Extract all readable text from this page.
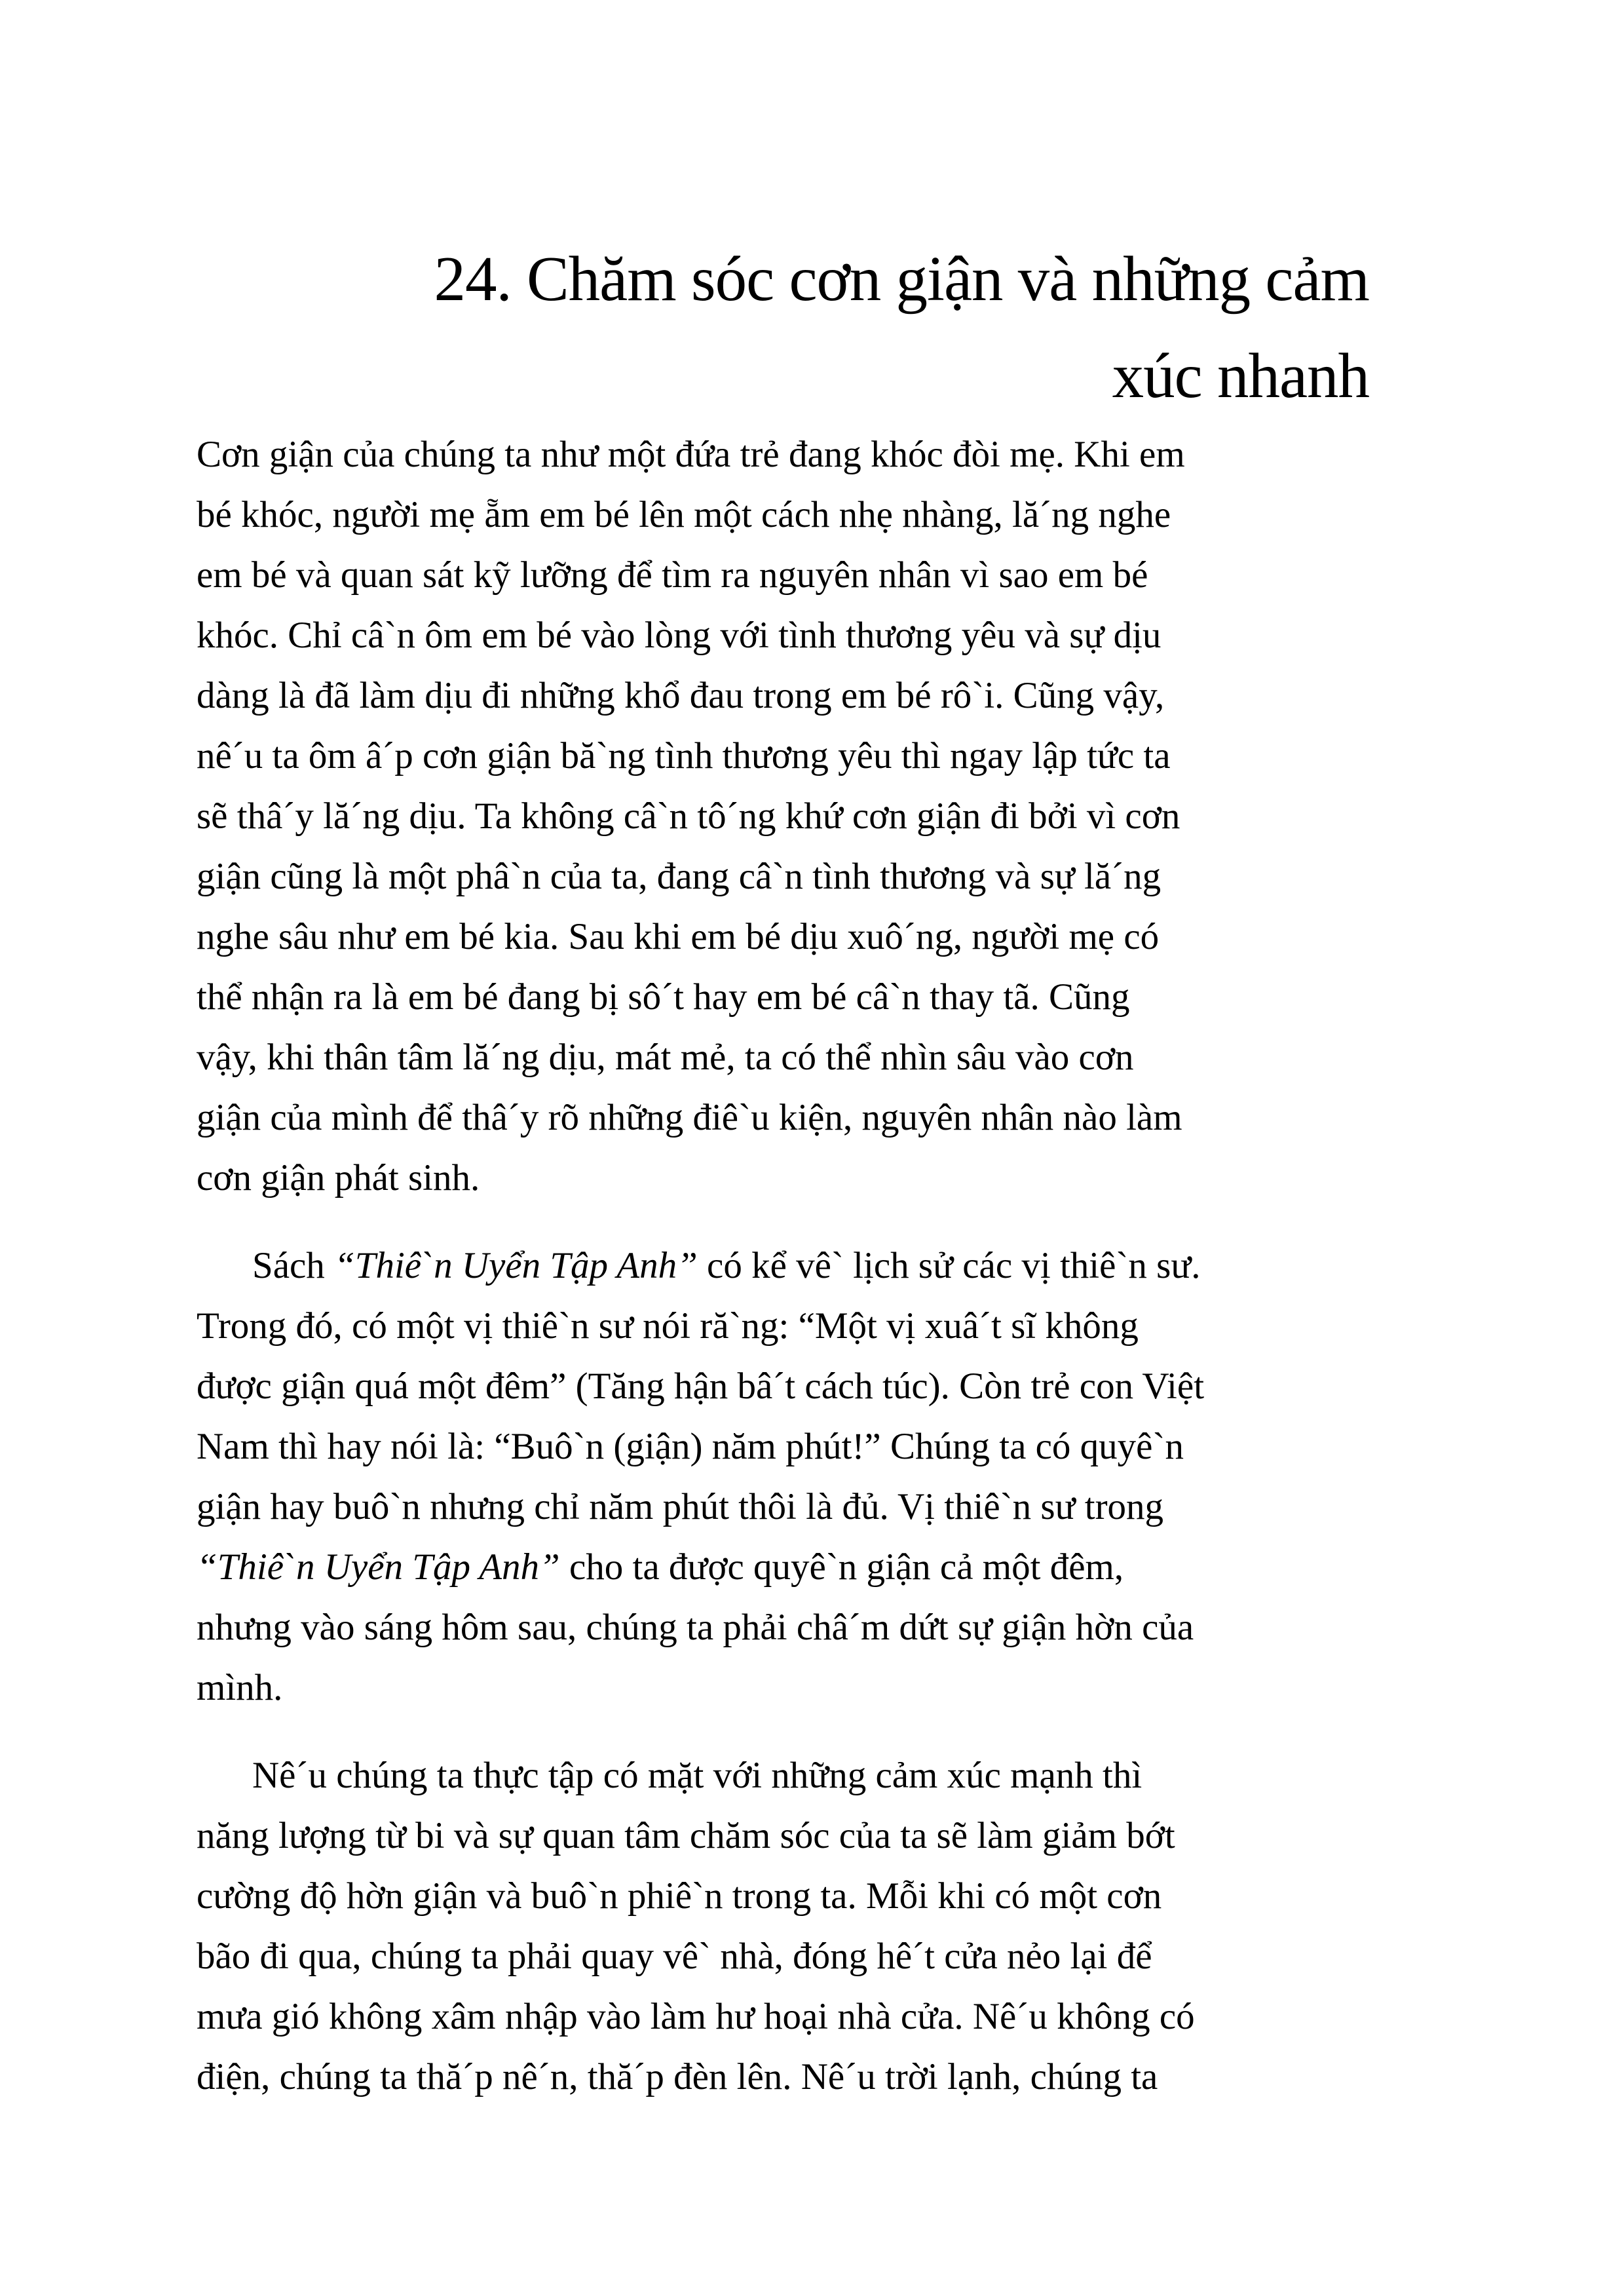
24. Chăm sóc cơn giận và những cảm
xúc nhanh

Cơn giận của chúng ta như một đứa trẻ đang khóc đòi mẹ. Khi em
bé khóc, người mẹ ẵm em bé lên một cách nhẹ nhàng, lăˊng nghe
em bé và quan sát kỹ lưỡng để tìm ra nguyên nhân vì sao em bé
khóc. Chỉ câˋn ôm em bé vào lòng với tình thương yêu và sự dịu
dàng là đã làm dịu đi những khổ đau trong em bé rôˋi. Cũng vậy,
nêˊu ta ôm âˊp cơn giận băˋng tình thương yêu thì ngay lập tức ta
sẽ thâˊy lăˊng dịu. Ta không câˋn tôˊng khứ cơn giận đi bởi vì cơn
giận cũng là một phâˋn của ta, đang câˋn tình thương và sự lăˊng
nghe sâu như em bé kia. Sau khi em bé dịu xuôˊng, người mẹ có
thể nhận ra là em bé đang bị sôˊt hay em bé câˋn thay tã. Cũng
vậy, khi thân tâm lăˊng dịu, mát mẻ, ta có thể nhìn sâu vào cơn
giận của mình để thâˊy rõ những điêˋu kiện, nguyên nhân nào làm
cơn giận phát sinh.

Sách “Thiêˋn Uyển Tập Anh” có kể vêˋ lịch sử các vị thiêˋn sư.
Trong đó, có một vị thiêˋn sư nói răˋng: “Một vị xuâˊt sĩ không
được giận quá một đêm” (Tăng hận bâˊt cách túc). Còn trẻ con Việt
Nam thì hay nói là: “Buôˋn (giận) năm phút!” Chúng ta có quyêˋn
giận hay buôˋn nhưng chỉ năm phút thôi là đủ. Vị thiêˋn sư trong
“Thiêˋn Uyển Tập Anh” cho ta được quyêˋn giận cả một đêm,
nhưng vào sáng hôm sau, chúng ta phải châˊm dứt sự giận hờn của
mình.

Nêˊu chúng ta thực tập có mặt với những cảm xúc mạnh thì
năng lượng từ bi và sự quan tâm chăm sóc của ta sẽ làm giảm bớt
cường độ hờn giận và buôˋn phiêˋn trong ta. Mỗi khi có một cơn
bão đi qua, chúng ta phải quay vêˋ nhà, đóng hêˊt cửa nẻo lại để
mưa gió không xâm nhập vào làm hư hoại nhà cửa. Nêˊu không có
điện, chúng ta thăˊp nêˊn, thăˊp đèn lên. Nêˊu trời lạnh, chúng ta
